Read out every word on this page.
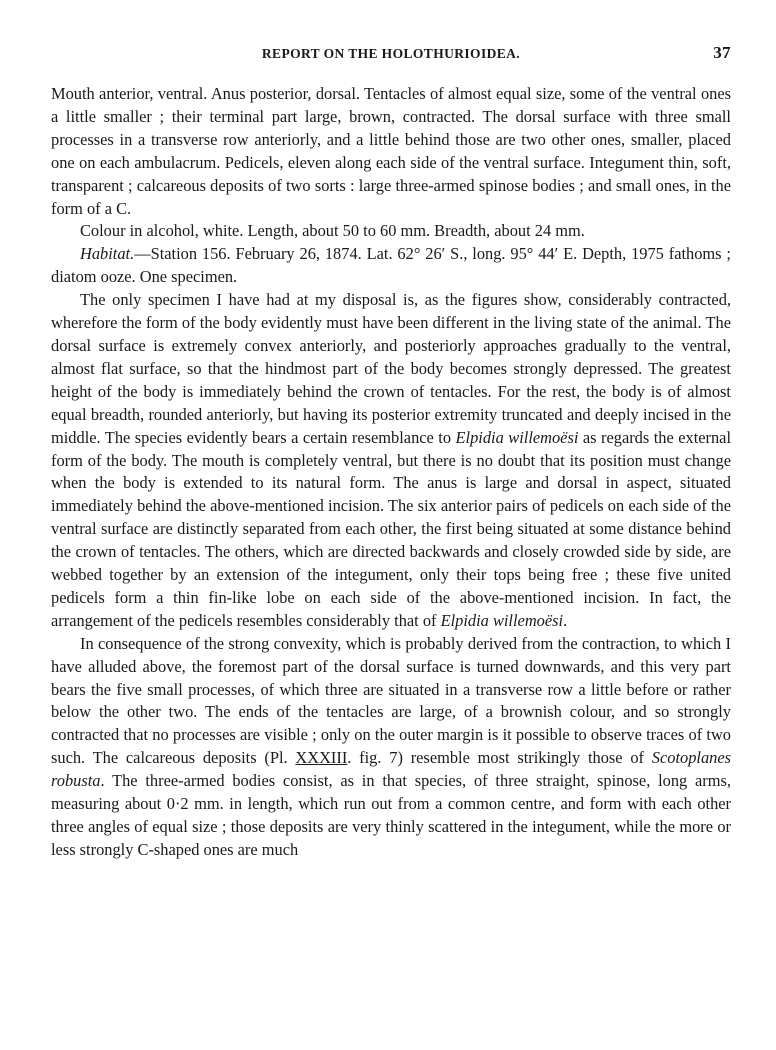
REPORT ON THE HOLOTHURIOIDEA.	37

Mouth anterior, ventral. Anus posterior, dorsal. Tentacles of almost equal size, some of the ventral ones a little smaller ; their terminal part large, brown, contracted. The dorsal surface with three small processes in a transverse row anteriorly, and a little behind those are two other ones, smaller, placed one on each ambulacrum. Pedicels, eleven along each side of the ventral surface. Integument thin, soft, transparent ; calcareous deposits of two sorts : large three-armed spinose bodies ; and small ones, in the form of a C.

Colour in alcohol, white. Length, about 50 to 60 mm. Breadth, about 24 mm.

Habitat.—Station 156. February 26, 1874. Lat. 62° 26′ S., long. 95° 44′ E. Depth, 1975 fathoms ; diatom ooze. One specimen.

The only specimen I have had at my disposal is, as the figures show, considerably contracted, wherefore the form of the body evidently must have been different in the living state of the animal. The dorsal surface is extremely convex anteriorly, and posteriorly approaches gradually to the ventral, almost flat surface, so that the hindmost part of the body becomes strongly depressed. The greatest height of the body is immediately behind the crown of tentacles. For the rest, the body is of almost equal breadth, rounded anteriorly, but having its posterior extremity truncated and deeply incised in the middle. The species evidently bears a certain resemblance to Elpidia willemoësi as regards the external form of the body. The mouth is completely ventral, but there is no doubt that its position must change when the body is extended to its natural form. The anus is large and dorsal in aspect, situated immediately behind the above-mentioned incision. The six anterior pairs of pedicels on each side of the ventral surface are distinctly separated from each other, the first being situated at some distance behind the crown of tentacles. The others, which are directed backwards and closely crowded side by side, are webbed together by an extension of the integument, only their tops being free ; these five united pedicels form a thin fin-like lobe on each side of the above-mentioned incision. In fact, the arrangement of the pedicels resembles considerably that of Elpidia willemoësi.

In consequence of the strong convexity, which is probably derived from the contraction, to which I have alluded above, the foremost part of the dorsal surface is turned downwards, and this very part bears the five small processes, of which three are situated in a transverse row a little before or rather below the other two. The ends of the tentacles are large, of a brownish colour, and so strongly contracted that no processes are visible ; only on the outer margin is it possible to observe traces of two such. The calcareous deposits (Pl. XXXIII. fig. 7) resemble most strikingly those of Scotoplanes robusta. The three-armed bodies consist, as in that species, of three straight, spinose, long arms, measuring about 0·2 mm. in length, which run out from a common centre, and form with each other three angles of equal size ; those deposits are very thinly scattered in the integument, while the more or less strongly C-shaped ones are much
